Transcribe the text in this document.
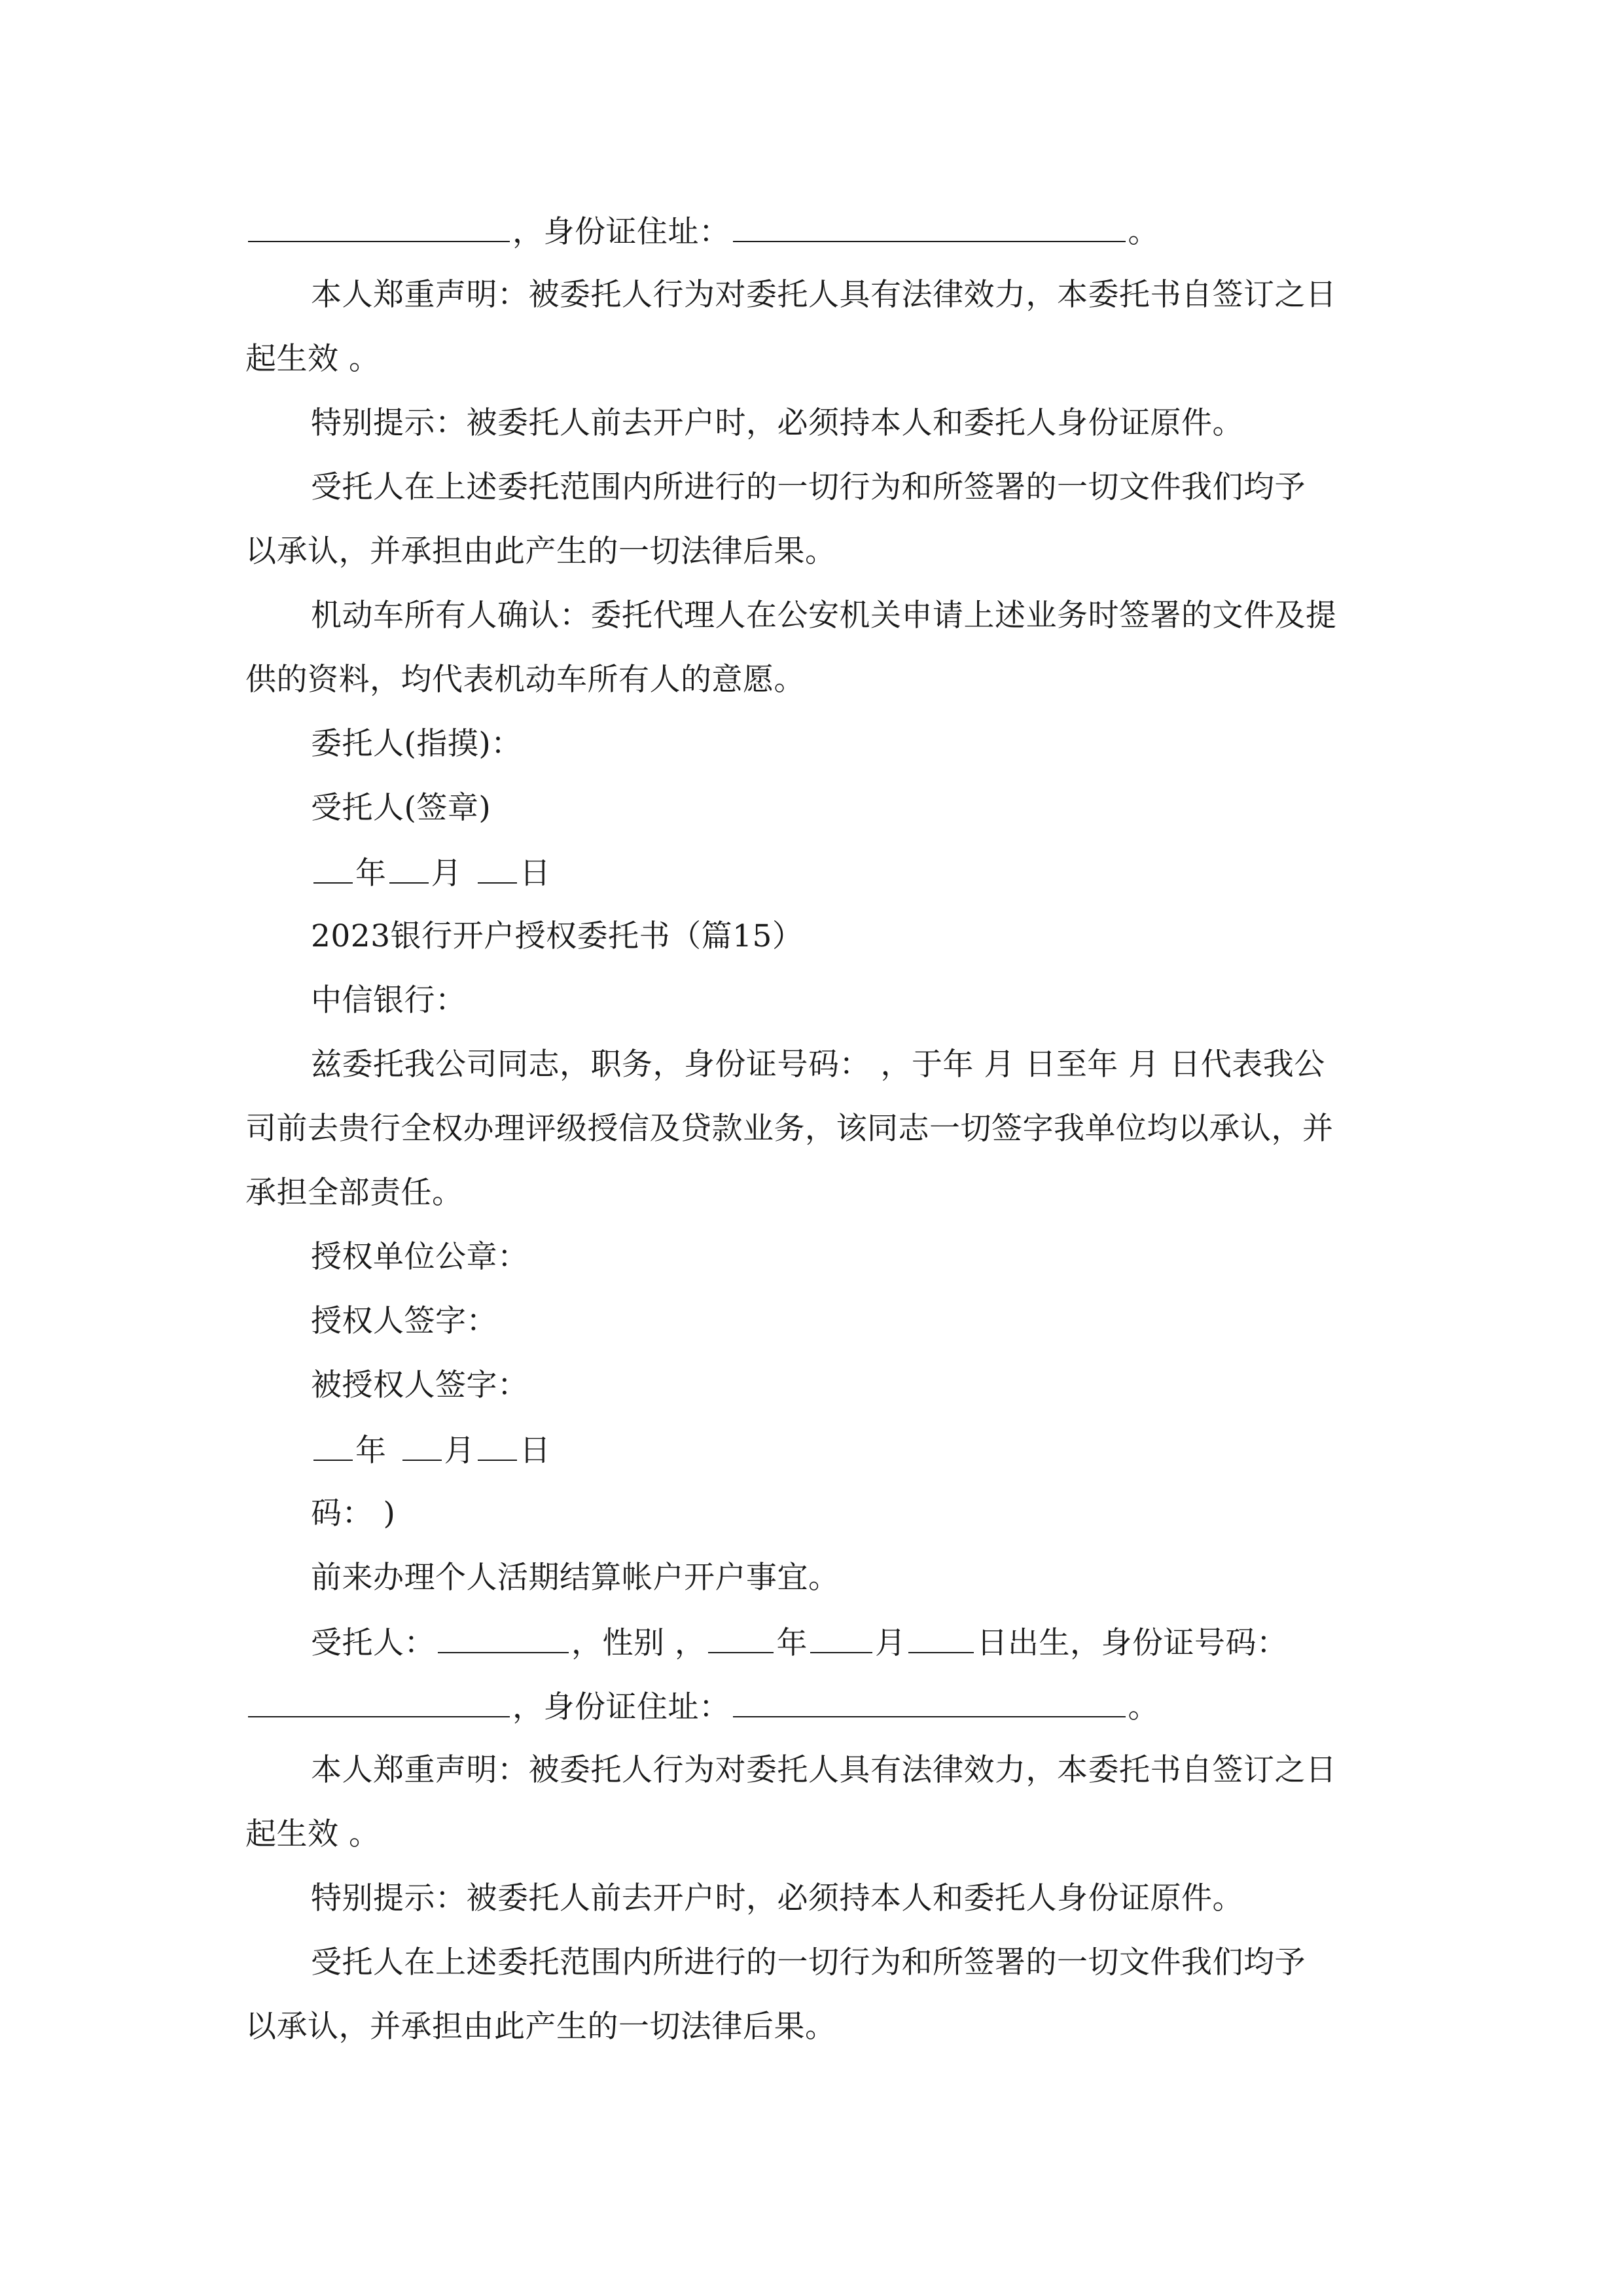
，身份证住址：	。
本人郑重声明：被委托人行为对委托人具有法律效力，本委托书自签订之日
起生效 。
特别提示：被委托人前去开户时，必须持本人和委托人身份证原件。
受托人在上述委托范围内所进行的一切行为和所签署的一切文件我们均予
以承认，并承担由此产生的一切法律后果。
机动车所有人确认：委托代理人在公安机关申请上述业务时签署的文件及提
供的资料，均代表机动车所有人的意愿。
委托人(指摸)：
受托人(签章)
年 月 日
2023银行开户授权委托书（篇15）
中信银行：
兹委托我公司同志，职务，身份证号码： ，于年 月 日至年 月 日代表我公
司前去贵行全权办理评级授信及贷款业务，该同志一切签字我单位均以承认，并
承担全部责任。
授权单位公章：
授权人签字：
被授权人签字：
年 月 日
码： )
前来办理个人活期结算帐户开户事宜。
受托人：	，性别 ， 年 月 日出生，身份证号码：
，身份证住址：	。
本人郑重声明：被委托人行为对委托人具有法律效力，本委托书自签订之日
起生效 。
特别提示：被委托人前去开户时，必须持本人和委托人身份证原件。
受托人在上述委托范围内所进行的一切行为和所签署的一切文件我们均予
以承认，并承担由此产生的一切法律后果。
